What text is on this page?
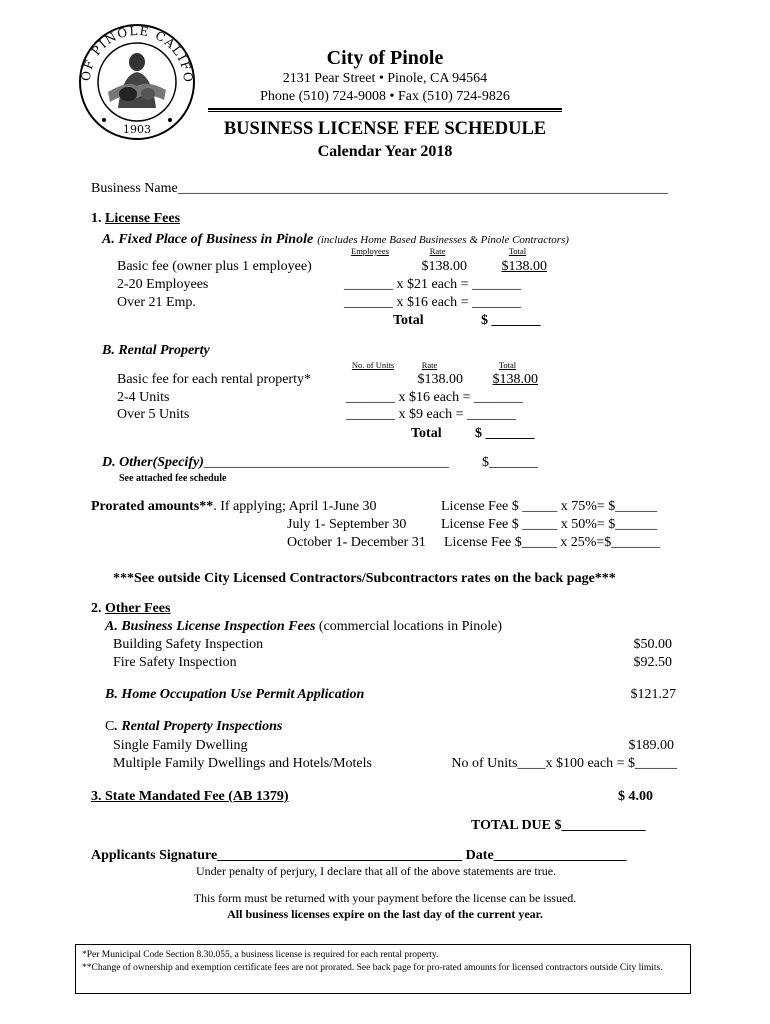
OF PINOLE CALIFO
1903
City of Pinole
2131 Pear Street • Pinole, CA 94564
Phone (510) 724-9008 • Fax (510) 724-9826
BUSINESS LICENSE FEE SCHEDULE
Calendar Year 2018
Business Name______________________________________________________________________
1. License Fees
A. Fixed Place of Business in Pinole (includes Home Based Businesses & Pinole Contractors)
Employees	Rate	Total
Basic fee (owner plus 1 employee)	$138.00	$138.00
2-20 Employees	_______ x $21 each = _______
Over 21 Emp.	_______ x $16 each = _______
Total	$ _______
B. Rental Property
No. of Units	Rate	Total
Basic fee for each rental property*	$138.00	$138.00
2-4 Units	_______ x $16 each = _______
Over 5 Units	_______ x $9 each = _______
Total $ _______
D. Other(Specify)___________________________________ $_______
See attached fee schedule
Prorated amounts**. If applying; April 1-June 30	License Fee $ _____ x 75%= $______
July 1- September 30 License Fee $ _____ x 50%= $______
October 1- December 31 License Fee $_____ x 25%=$_______
***See outside City Licensed Contractors/Subcontractors rates on the back page***
2. Other Fees
A. Business License Inspection Fees (commercial locations in Pinole)
Building Safety Inspection	$50.00
Fire Safety Inspection	$92.50
B. Home Occupation Use Permit Application	$121.27
C. Rental Property Inspections
Single Family Dwelling	$189.00
Multiple Family Dwellings and Hotels/Motels	No of Units____x $100 each = $______
3. State Mandated Fee (AB 1379)	$ 4.00
TOTAL DUE $____________
Applicants Signature___________________________________ Date___________________
Under penalty of perjury, I declare that all of the above statements are true.
This form must be returned with your payment before the license can be issued.
All business licenses expire on the last day of the current year.
*Per Municipal Code Section 8.30.055, a business license is required for each rental property.
**Change of ownership and exemption certificate fees are not prorated. See back page for pro-rated amounts for licensed contractors outside City limits.
